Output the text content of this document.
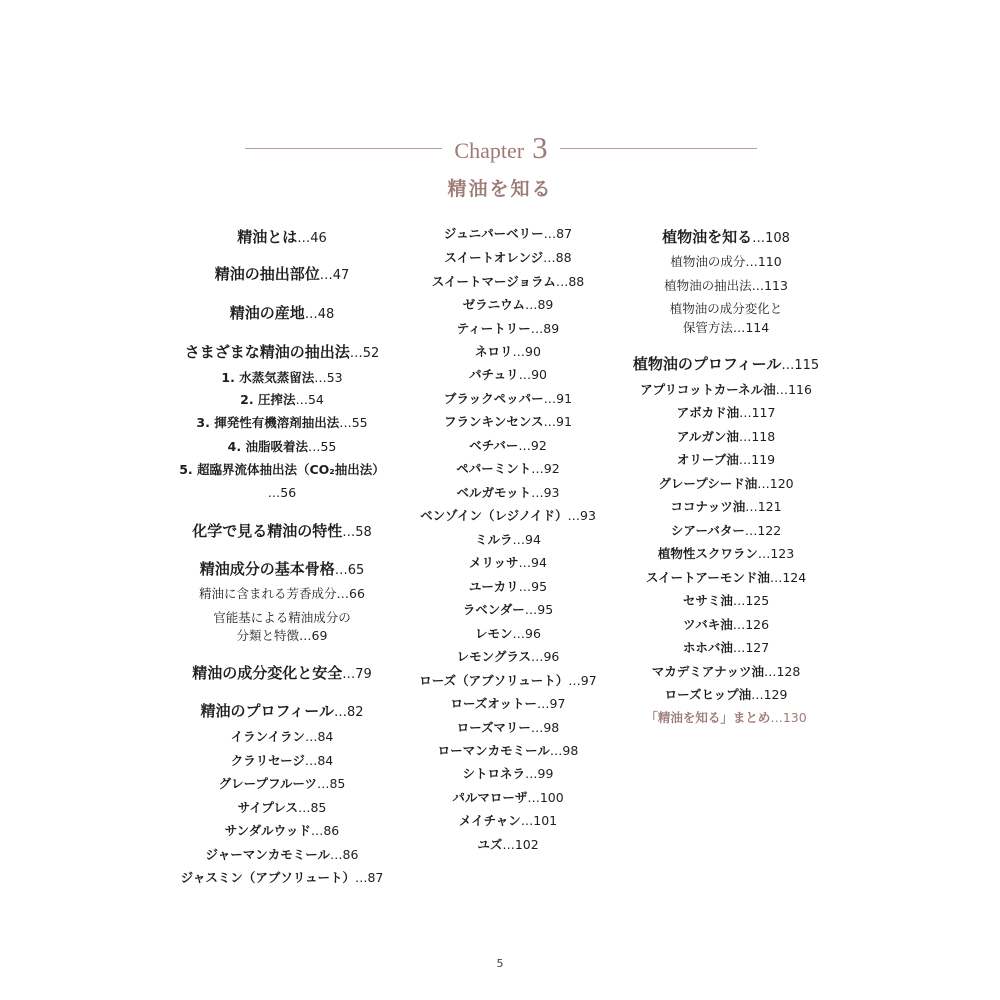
Chapter 3
精油を知る
精油とは…46
精油の抽出部位…47
精油の産地…48
さまざまな精油の抽出法…52
1. 水蒸気蒸留法…53
2. 圧搾法…54
3. 揮発性有機溶剤抽出法…55
4. 油脂吸着法…55
5. 超臨界流体抽出法（CO₂抽出法）
…56
化学で見る精油の特性…58
精油成分の基本骨格…65
精油に含まれる芳香成分…66
官能基による精油成分の
分類と特徴…69
精油の成分変化と安全…79
精油のプロフィール…82
イランイラン…84
クラリセージ…84
グレープフルーツ…85
サイプレス…85
サンダルウッド…86
ジャーマンカモミール…86
ジャスミン（アブソリュート）…87
ジュニパーベリー…87
スイートオレンジ…88
スイートマージョラム…88
ゼラニウム…89
ティートリー…89
ネロリ…90
パチュリ…90
ブラックペッパー…91
フランキンセンス…91
ベチバー…92
ペパーミント…92
ベルガモット…93
ベンゾイン（レジノイド）…93
ミルラ…94
メリッサ…94
ユーカリ…95
ラベンダー…95
レモン…96
レモングラス…96
ローズ（アブソリュート）…97
ローズオットー…97
ローズマリー…98
ローマンカモミール…98
シトロネラ…99
パルマローザ…100
メイチャン…101
ユズ…102
植物油を知る…108
植物油の成分…110
植物油の抽出法…113
植物油の成分変化と
保管方法…114
植物油のプロフィール…115
アプリコットカーネル油…116
アボカド油…117
アルガン油…118
オリーブ油…119
グレープシード油…120
ココナッツ油…121
シアーバター…122
植物性スクワラン…123
スイートアーモンド油…124
セサミ油…125
ツバキ油…126
ホホバ油…127
マカデミアナッツ油…128
ローズヒップ油…129
「精油を知る」まとめ…130
5
